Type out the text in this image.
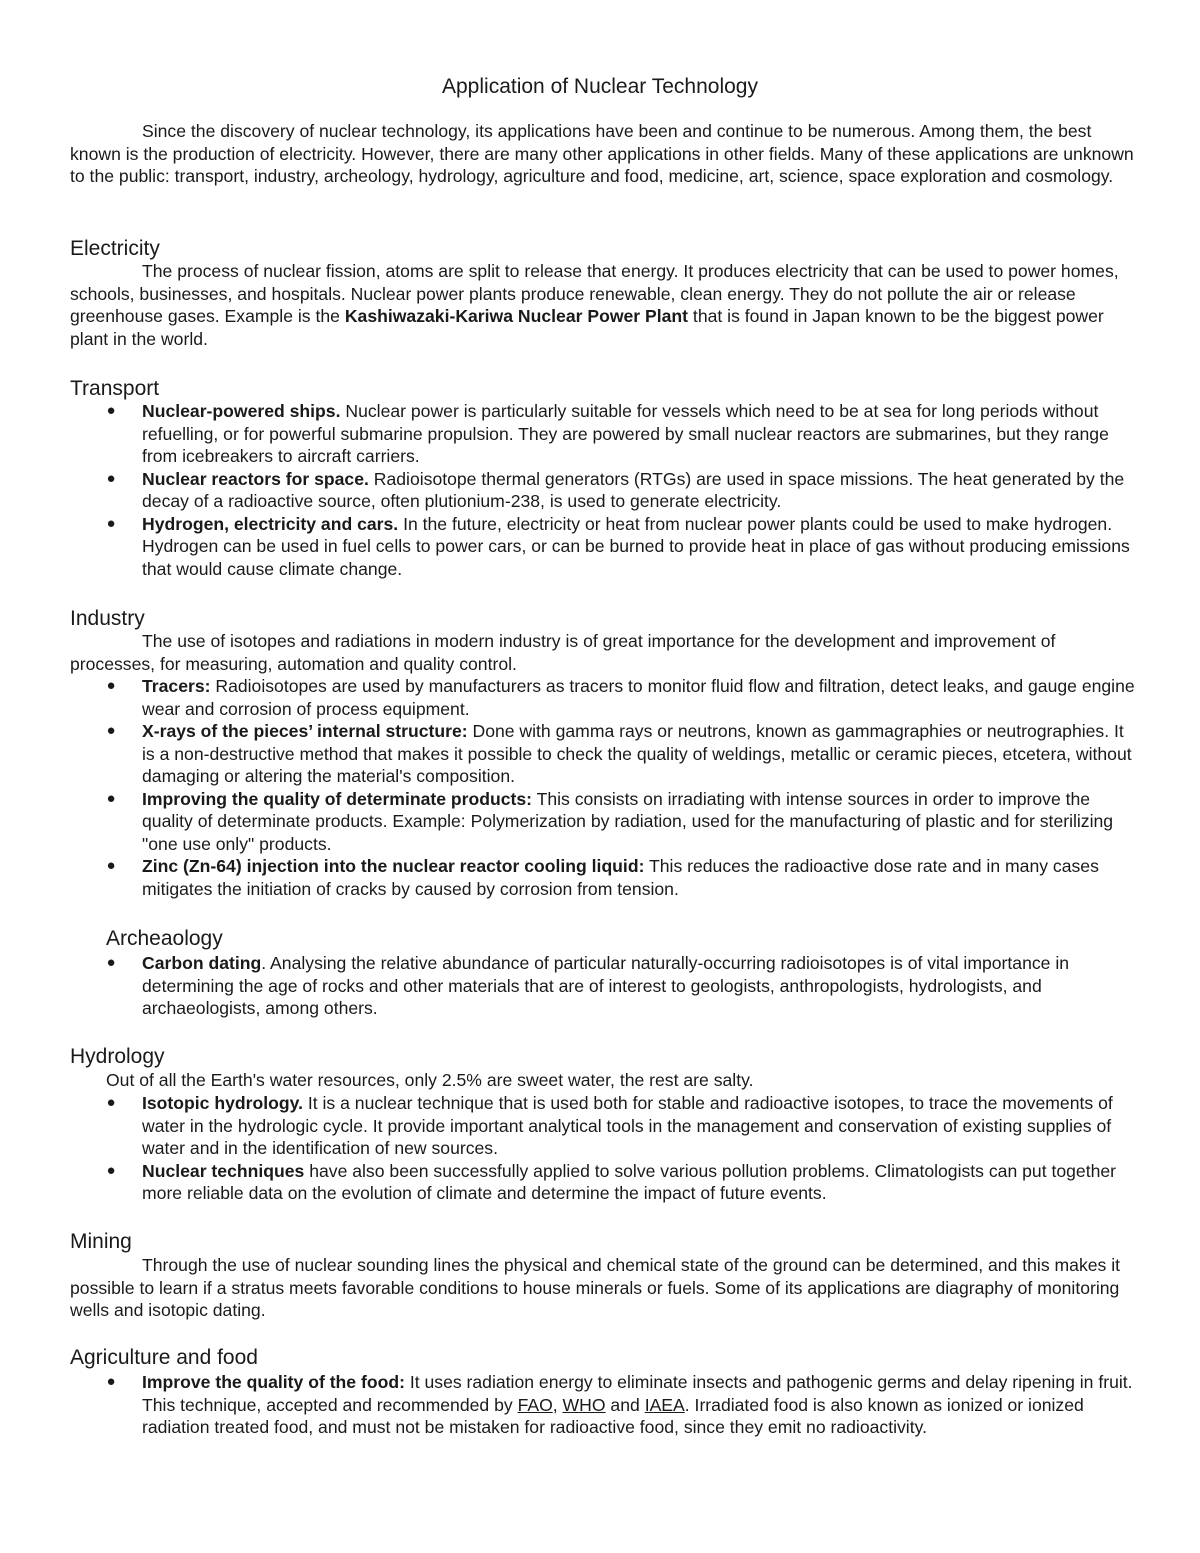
Application of Nuclear Technology
Since the discovery of nuclear technology, its applications have been and continue to be numerous. Among them, the best known is the production of electricity. However, there are many other applications in other fields. Many of these applications are unknown to the public: transport, industry, archeology, hydrology, agriculture and food, medicine, art, science, space exploration and cosmology.
Electricity
The process of nuclear fission, atoms are split to release that energy. It produces electricity that can be used to power homes, schools, businesses, and hospitals. Nuclear power plants produce renewable, clean energy. They do not pollute the air or release greenhouse gases. Example is the Kashiwazaki-Kariwa Nuclear Power Plant that is found in Japan known to be the biggest power plant in the world.
Transport
● Nuclear-powered ships. Nuclear power is particularly suitable for vessels which need to be at sea for long periods without refuelling, or for powerful submarine propulsion. They are powered by small nuclear reactors are submarines, but they range from icebreakers to aircraft carriers.
● Nuclear reactors for space. Radioisotope thermal generators (RTGs) are used in space missions. The heat generated by the decay of a radioactive source, often plutionium-238, is used to generate electricity.
● Hydrogen, electricity and cars. In the future, electricity or heat from nuclear power plants could be used to make hydrogen. Hydrogen can be used in fuel cells to power cars, or can be burned to provide heat in place of gas without producing emissions that would cause climate change.
Industry
The use of isotopes and radiations in modern industry is of great importance for the development and improvement of processes, for measuring, automation and quality control.
● Tracers: Radioisotopes are used by manufacturers as tracers to monitor fluid flow and filtration, detect leaks, and gauge engine wear and corrosion of process equipment.
● X-rays of the pieces’ internal structure: Done with gamma rays or neutrons, known as gammagraphies or neutrographies. It is a non-destructive method that makes it possible to check the quality of weldings, metallic or ceramic pieces, etcetera, without damaging or altering the material's composition.
● Improving the quality of determinate products: This consists on irradiating with intense sources in order to improve the quality of determinate products. Example: Polymerization by radiation, used for the manufacturing of plastic and for sterilizing "one use only" products.
● Zinc (Zn-64) injection into the nuclear reactor cooling liquid: This reduces the radioactive dose rate and in many cases mitigates the initiation of cracks by caused by corrosion from tension.
Archeaology
● Carbon dating. Analysing the relative abundance of particular naturally-occurring radioisotopes is of vital importance in determining the age of rocks and other materials that are of interest to geologists, anthropologists, hydrologists, and archaeologists, among others.
Hydrology
Out of all the Earth's water resources, only 2.5% are sweet water, the rest are salty.
● Isotopic hydrology. It is a nuclear technique that is used both for stable and radioactive isotopes, to trace the movements of water in the hydrologic cycle. It provide important analytical tools in the management and conservation of existing supplies of water and in the identification of new sources.
● Nuclear techniques have also been successfully applied to solve various pollution problems. Climatologists can put together more reliable data on the evolution of climate and determine the impact of future events.
Mining
Through the use of nuclear sounding lines the physical and chemical state of the ground can be determined, and this makes it possible to learn if a stratus meets favorable conditions to house minerals or fuels. Some of its applications are diagraphy of monitoring wells and isotopic dating.
Agriculture and food
● Improve the quality of the food: It uses radiation energy to eliminate insects and pathogenic germs and delay ripening in fruit. This technique, accepted and recommended by FAO, WHO and IAEA. Irradiated food is also known as ionized or ionized radiation treated food, and must not be mistaken for radioactive food, since they emit no radioactivity.
